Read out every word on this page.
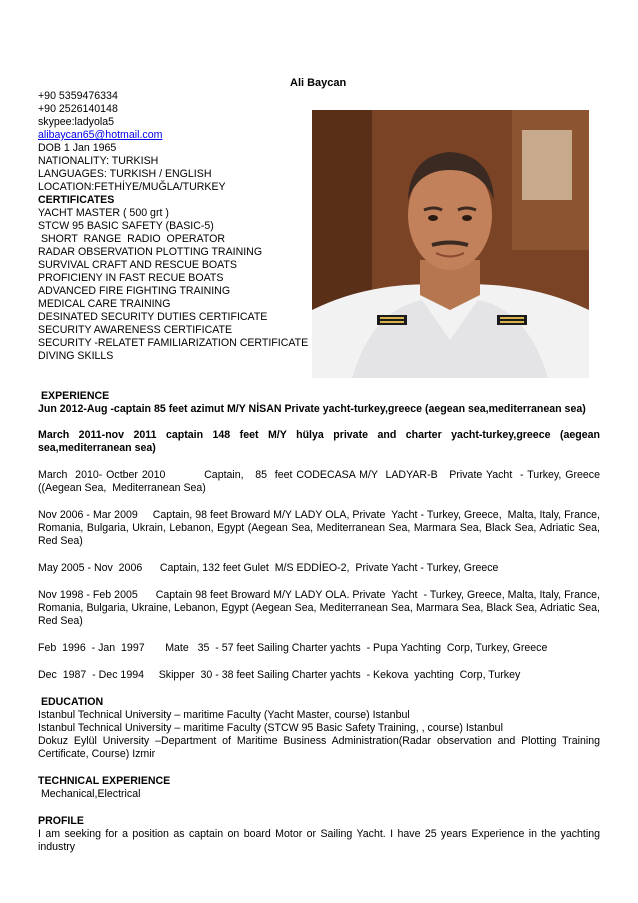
Ali Baycan
+90 5359476334
+90 2526140148
skypee:ladyola5
alibaycan65@hotmail.com
DOB 1 Jan 1965
NATIONALITY: TURKISH
LANGUAGES: TURKISH / ENGLISH
LOCATION:FETHİYE/MUĞLA/TURKEY
CERTIFICATES
YACHT MASTER ( 500 grt )
STCW 95 BASIC SAFETY (BASIC-5)
SHORT  RANGE  RADIO  OPERATOR
RADAR OBSERVATION PLOTTING TRAINING
SURVIVAL CRAFT AND RESCUE BOATS
PROFICIENY IN FAST RECUE BOATS
ADVANCED FIRE FIGHTING TRAINING
MEDICAL CARE TRAINING
DESINATED SECURITY DUTIES CERTIFICATE
SECURITY AWARENESS CERTIFICATE
SECURITY -RELATET FAMILIARIZATION CERTIFICATE
DIVING SKILLS
EXPERIENCE
Jun 2012-Aug -captain 85 feet azimut M/Y NİSAN Private yacht-turkey,greece (aegean sea,mediterranean sea)
March 2011-nov 2011 captain 148 feet M/Y hülya private and charter yacht-turkey,greece (aegean sea,mediterranean sea)
March  2010- Octber 2010          Captain,   85  feet CODECASA M/Y  LADYAR-B   Private Yacht  - Turkey, Greece  ((Aegean Sea,  Mediterranean Sea)
Nov 2006 - Mar 2009     Captain, 98 feet Broward M/Y LADY OLA, Private  Yacht - Turkey, Greece,  Malta, Italy, France, Romania, Bulgaria, Ukrain, Lebanon, Egypt (Aegean Sea, Mediterranean Sea, Marmara Sea, Black Sea, Adriatic Sea, Red Sea)
May 2005 - Nov  2006      Captain, 132 feet Gulet  M/S EDDİEO-2,  Private Yacht - Turkey, Greece
Nov 1998 - Feb 2005      Captain 98 feet Broward M/Y LADY OLA. Private  Yacht  - Turkey, Greece, Malta, Italy, France, Romania, Bulgaria, Ukraine, Lebanon, Egypt (Aegean Sea, Mediterranean Sea, Marmara Sea, Black Sea, Adriatic Sea, Red Sea)
Feb  1996  - Jan  1997       Mate   35  - 57 feet Sailing Charter yachts  - Pupa Yachting  Corp, Turkey, Greece
Dec  1987  - Dec 1994     Skipper  30 - 38 feet Sailing Charter yachts  - Kekova  yachting  Corp, Turkey
EDUCATION
Istanbul Technical University – maritime Faculty (Yacht Master, course) Istanbul
Istanbul Technical University – maritime Faculty (STCW 95 Basic Safety Training, , course) Istanbul
Dokuz Eylül University –Department of Maritime Business Administration(Radar observation and Plotting Training Certificate, Course) Izmir
TECHNICAL EXPERIENCE
Mechanical,Electrical
PROFILE
I am seeking for a position as captain on board Motor or Sailing Yacht. I have 25 years Experience in the yachting industry
